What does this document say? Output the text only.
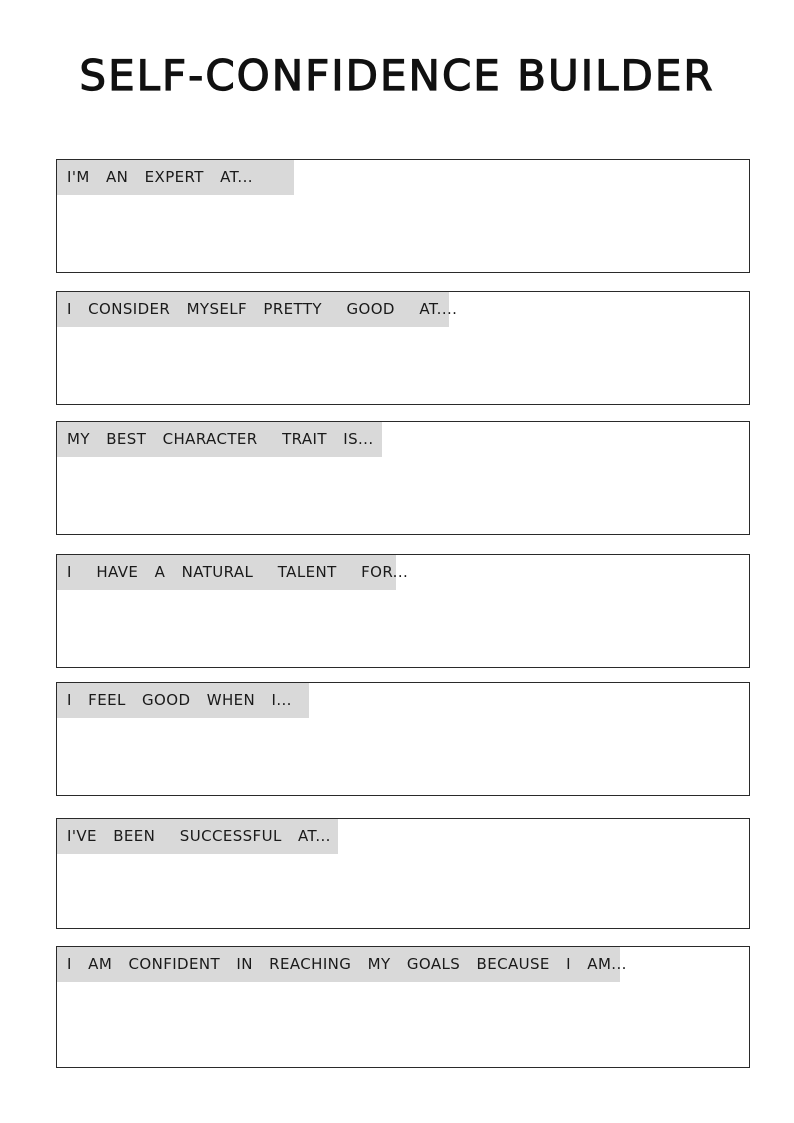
SELF-CONFIDENCE BUILDER
I'M  AN  EXPERT  AT...
I  CONSIDER  MYSELF  PRETTY   GOOD   AT....
MY  BEST  CHARACTER   TRAIT  IS...
I   HAVE  A  NATURAL   TALENT   FOR...
I  FEEL  GOOD  WHEN  I...
I'VE  BEEN   SUCCESSFUL  AT...
I  AM  CONFIDENT  IN  REACHING  MY  GOALS  BECAUSE  I  AM...
